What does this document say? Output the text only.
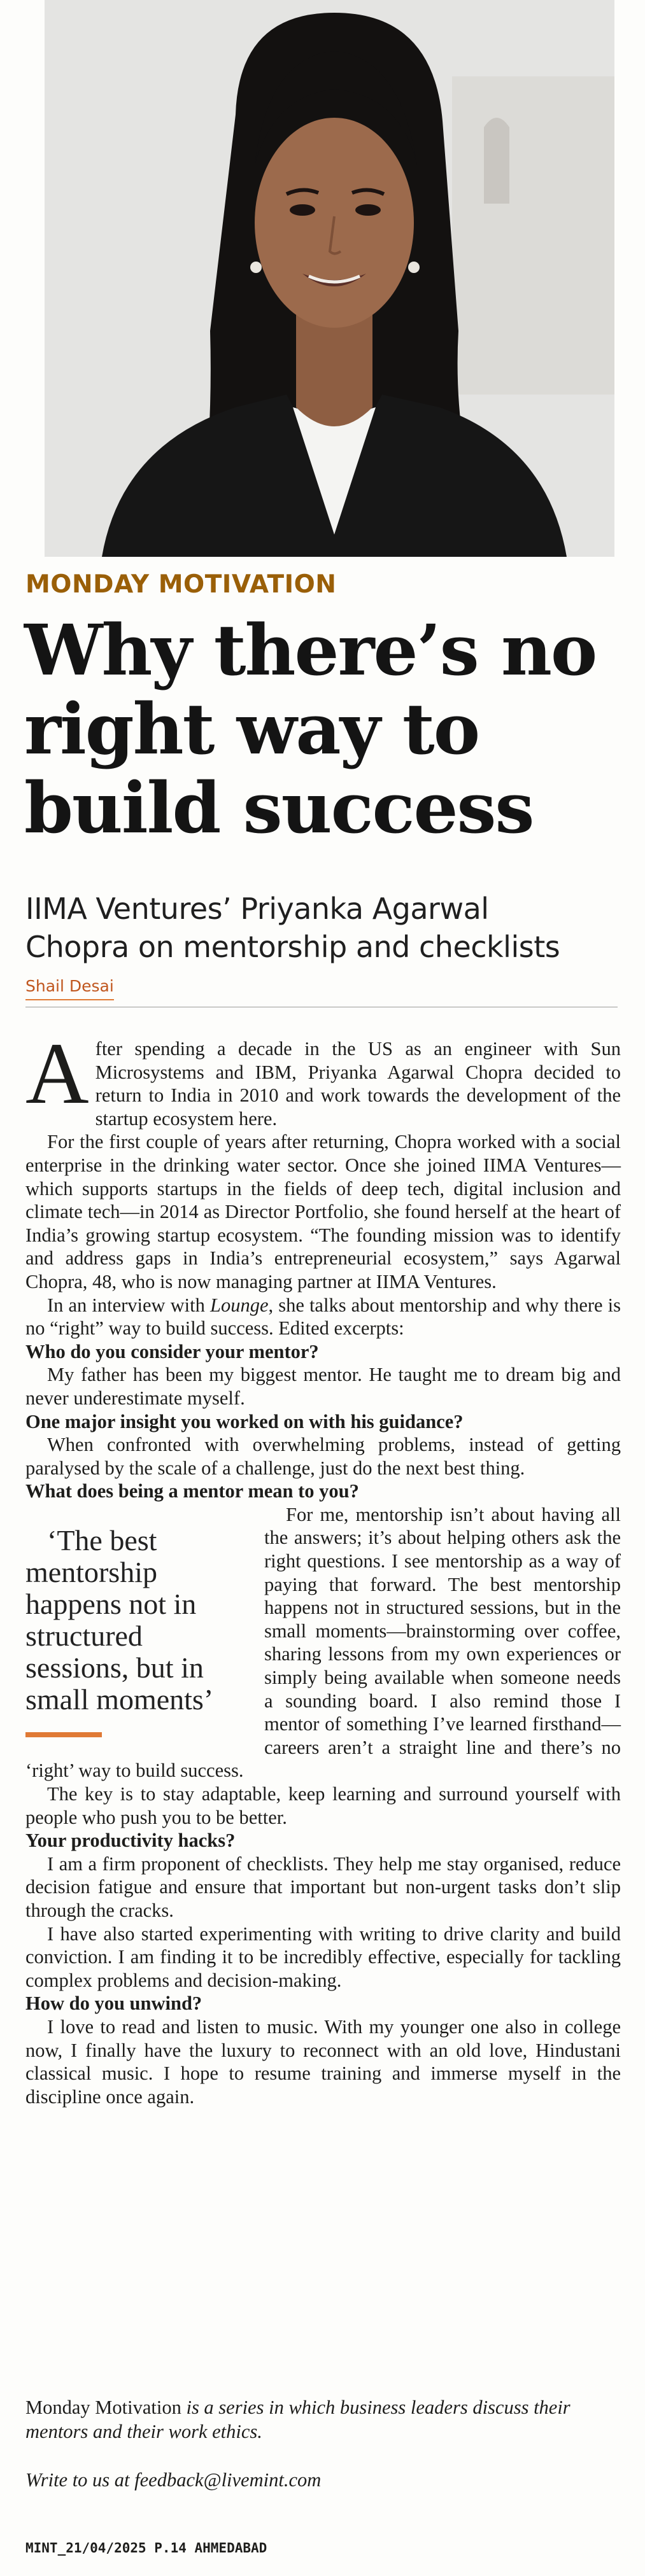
MONDAY MOTIVATION
Why there’s no
right way to
build success
IIMA Ventures’ Priyanka Agarwal
Chopra on mentorship and checklists
Shail Desai

After spending a decade in the US as an engineer with Sun Microsystems and IBM, Priyanka Agarwal Chopra decided to return to India in 2010 and work towards the development of the startup ecosystem here.

For the first couple of years after returning, Chopra worked with a social enterprise in the drinking water sector. Once she joined IIMA Ventures—which supports startups in the fields of deep tech, digital inclusion and climate tech—in 2014 as Director Portfolio, she found herself at the heart of India’s growing startup ecosystem. “The founding mission was to identify and address gaps in India’s entrepreneurial ecosystem,” says Agarwal Chopra, 48, who is now managing partner at IIMA Ventures.

In an interview with Lounge, she talks about mentorship and why there is no “right” way to build success. Edited excerpts:

Who do you consider your mentor?

My father has been my biggest mentor. He taught me to dream big and never underestimate myself.

One major insight you worked on with his guidance?

When confronted with overwhelming problems, instead of getting paralysed by the scale of a challenge, just do the next best thing.

What does being a mentor mean to you?

‘The best mentorship happens not in structured sessions, but in small moments’
For me, mentorship isn’t about having all the answers; it’s about helping others ask the right questions. I see mentorship as a way of paying that forward. The best mentorship happens not in structured sessions, but in the small moments—brainstorming over coffee, sharing lessons from my own experiences or simply being available when someone needs a sounding board. I also remind those I mentor of something I’ve learned firsthand—careers aren’t a straight line and there’s no ‘right’ way to build success.

The key is to stay adaptable, keep learning and surround yourself with people who push you to be better.

Your productivity hacks?

I am a firm proponent of checklists. They help me stay organised, reduce decision fatigue and ensure that important but non-urgent tasks don’t slip through the cracks.

I have also started experimenting with writing to drive clarity and build conviction. I am finding it to be incredibly effective, especially for tackling complex problems and decision-making.

How do you unwind?

I love to read and listen to music. With my younger one also in college now, I finally have the luxury to reconnect with an old love, Hindustani classical music. I hope to resume training and immerse myself in the discipline once again.

Monday Motivation is a series in which business leaders discuss their mentors and their work ethics.
Write to us at feedback@livemint.com
MINT_21/04/2025 P.14 AHMEDABAD
